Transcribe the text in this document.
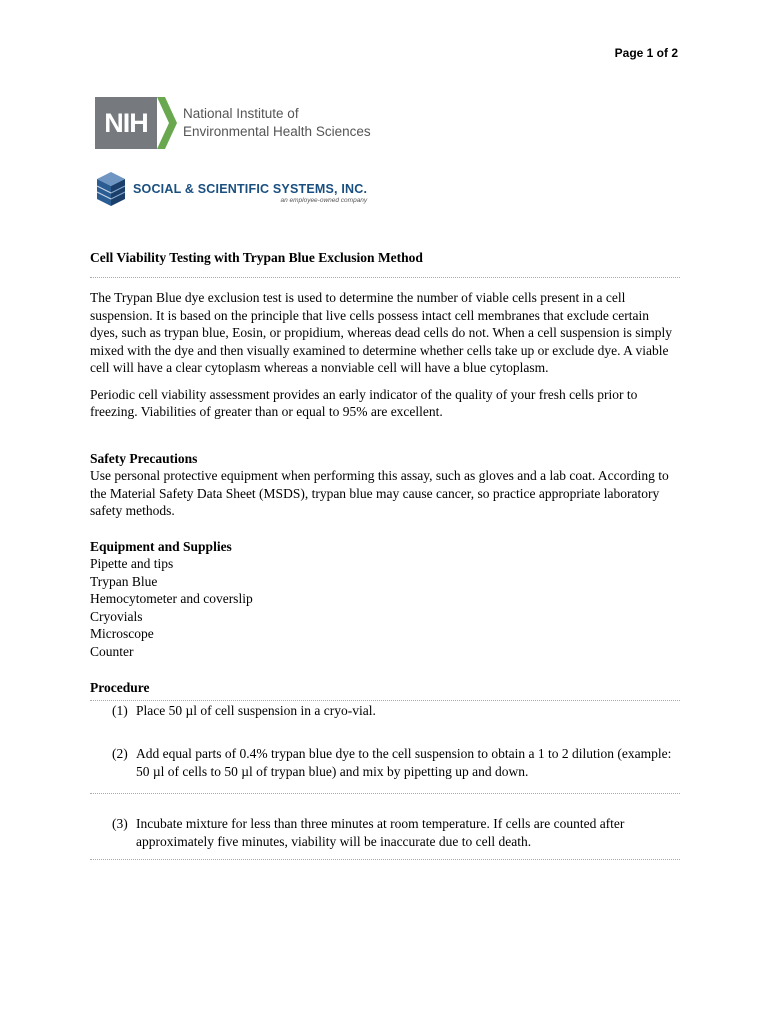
Page 1 of 2
NIH	National Institute of
Environmental Health Sciences
SOCIAL & SCIENTIFIC SYSTEMS, INC.
an employee-owned company

Cell Viability Testing with Trypan Blue Exclusion Method

The Trypan Blue dye exclusion test is used to determine the number of viable cells present in a cell suspension. It is based on the principle that live cells possess intact cell membranes that exclude certain dyes, such as trypan blue, Eosin, or propidium, whereas dead cells do not. When a cell suspension is simply mixed with the dye and then visually examined to determine whether cells take up or exclude dye. A viable cell will have a clear cytoplasm whereas a nonviable cell will have a blue cytoplasm.

Periodic cell viability assessment provides an early indicator of the quality of your fresh cells prior to freezing. Viabilities of greater than or equal to 95% are excellent.

Safety Precautions

Use personal protective equipment when performing this assay, such as gloves and a lab coat. According to the Material Safety Data Sheet (MSDS), trypan blue may cause cancer, so practice appropriate laboratory safety methods.

Equipment and Supplies

Pipette and tips
Trypan Blue
Hemocytometer and coverslip
Cryovials
Microscope
Counter

Procedure

(1) Place 50 µl of cell suspension in a cryo-vial.
(2) Add equal parts of 0.4% trypan blue dye to the cell suspension to obtain a 1 to 2 dilution (example: 50 µl of cells to 50 µl of trypan blue) and mix by pipetting up and down.
(3) Incubate mixture for less than three minutes at room temperature. If cells are counted after approximately five minutes, viability will be inaccurate due to cell death.
